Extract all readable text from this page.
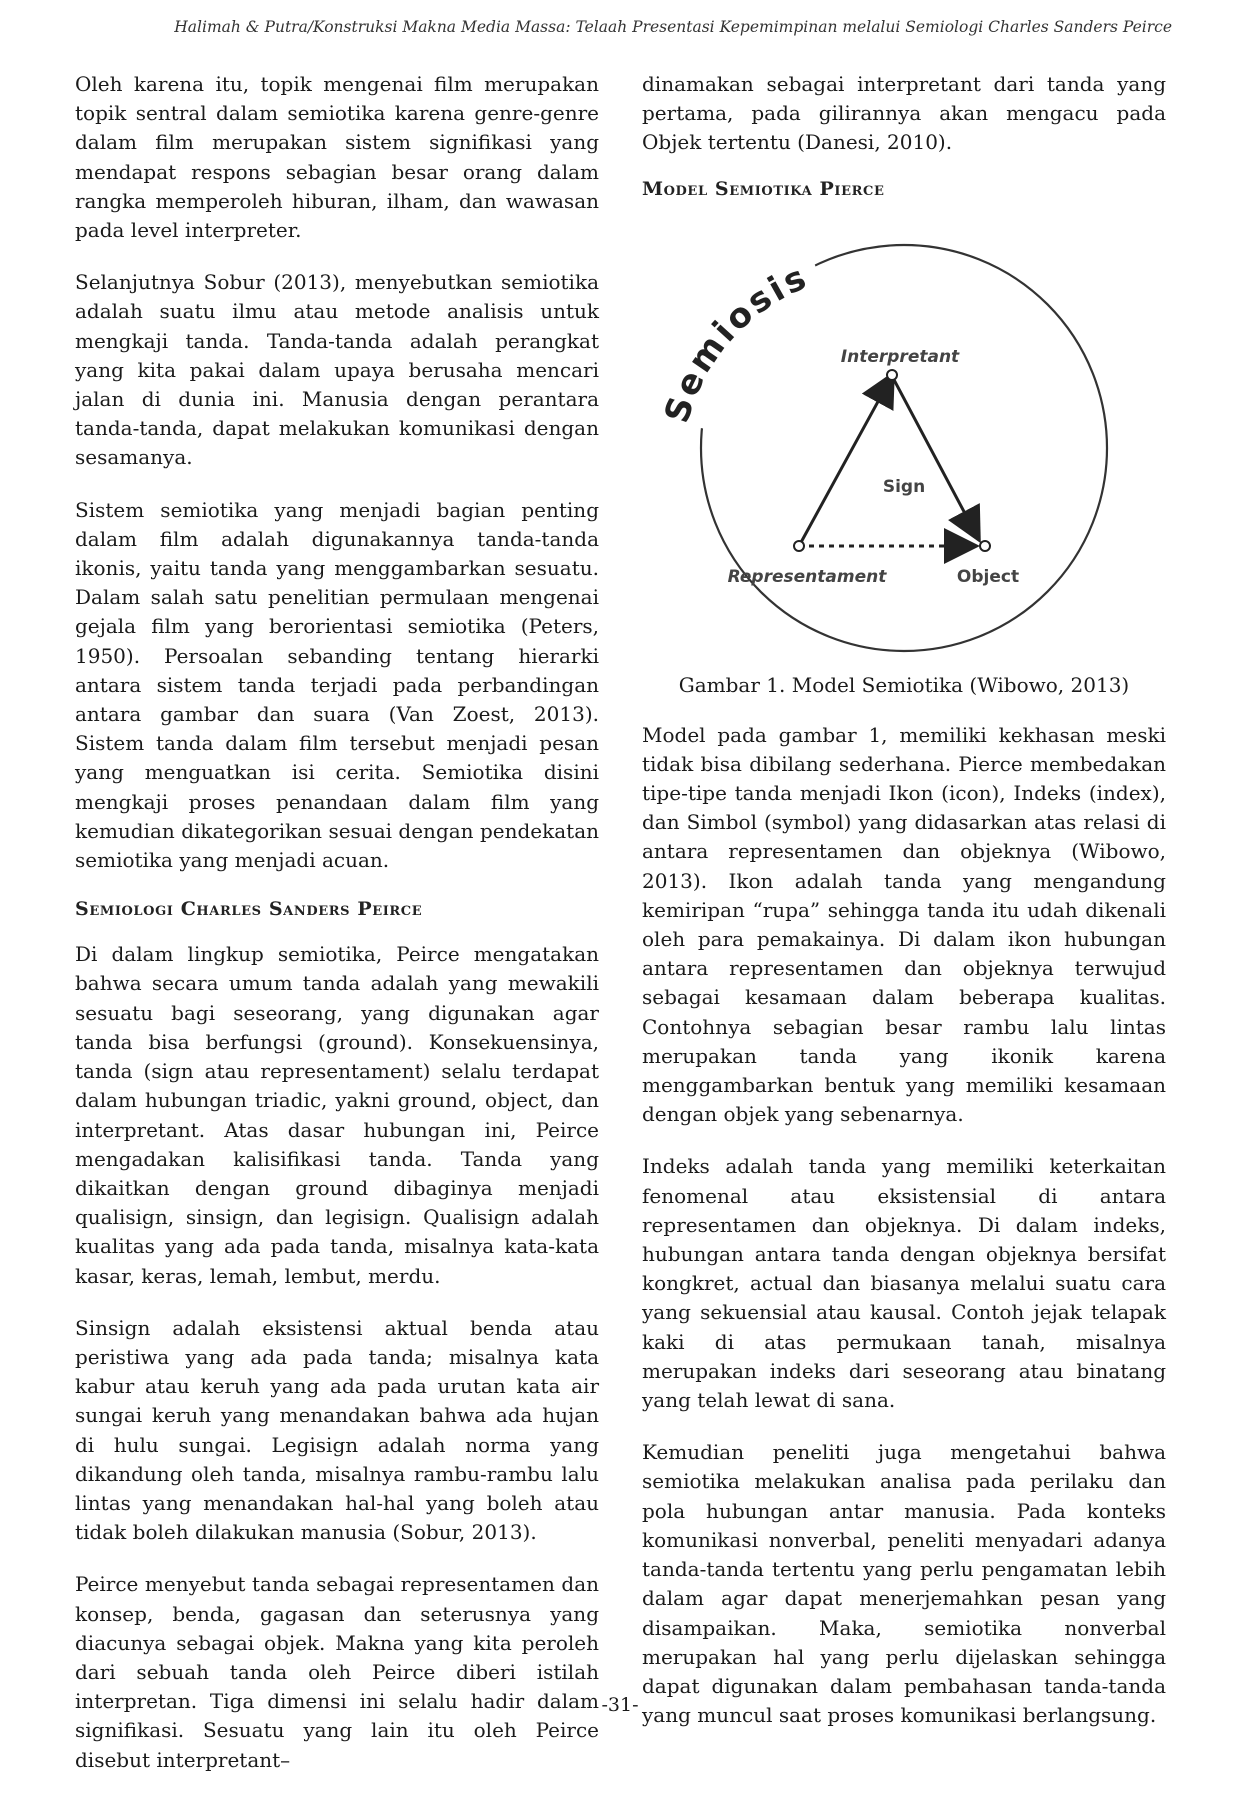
Halimah & Putra/Konstruksi Makna Media Massa: Telaah Presentasi Kepemimpinan melalui Semiologi Charles Sanders Peirce

Oleh karena itu, topik mengenai film merupakan topik sentral dalam semiotika karena genre-genre dalam film merupakan sistem signifikasi yang mendapat respons sebagian besar orang dalam rangka memperoleh hiburan, ilham, dan wawasan pada level interpreter.

Selanjutnya Sobur (2013), menyebutkan semiotika adalah suatu ilmu atau metode analisis untuk mengkaji tanda. Tanda-tanda adalah perangkat yang kita pakai dalam upaya berusaha mencari jalan di dunia ini. Manusia dengan perantara tanda-tanda, dapat melakukan komunikasi dengan sesamanya.

Sistem semiotika yang menjadi bagian penting dalam film adalah digunakannya tanda-tanda ikonis, yaitu tanda yang menggambarkan sesuatu. Dalam salah satu penelitian permulaan mengenai gejala film yang berorientasi semiotika (Peters, 1950). Persoalan sebanding tentang hierarki antara sistem tanda terjadi pada perbandingan antara gambar dan suara (Van Zoest, 2013). Sistem tanda dalam film tersebut menjadi pesan yang menguatkan isi cerita. Semiotika disini mengkaji proses penandaan dalam film yang kemudian dikategorikan sesuai dengan pendekatan semiotika yang menjadi acuan.

Semiologi Charles Sanders Peirce

Di dalam lingkup semiotika, Peirce mengatakan bahwa secara umum tanda adalah yang mewakili sesuatu bagi seseorang, yang digunakan agar tanda bisa berfungsi (ground). Konsekuensinya, tanda (sign atau representament) selalu terdapat dalam hubungan triadic, yakni ground, object, dan interpretant. Atas dasar hubungan ini, Peirce mengadakan kalisifikasi tanda. Tanda yang dikaitkan dengan ground dibaginya menjadi qualisign, sinsign, dan legisign. Qualisign adalah kualitas yang ada pada tanda, misalnya kata-kata kasar, keras, lemah, lembut, merdu.

Sinsign adalah eksistensi aktual benda atau peristiwa yang ada pada tanda; misalnya kata kabur atau keruh yang ada pada urutan kata air sungai keruh yang menandakan bahwa ada hujan di hulu sungai. Legisign adalah norma yang dikandung oleh tanda, misalnya rambu-rambu lalu lintas yang menandakan hal-hal yang boleh atau tidak boleh dilakukan manusia (Sobur, 2013).

Peirce menyebut tanda sebagai representamen dan konsep, benda, gagasan dan seterusnya yang diacunya sebagai objek. Makna yang kita peroleh dari sebuah tanda oleh Peirce diberi istilah interpretan. Tiga dimensi ini selalu hadir dalam signifikasi. Sesuatu yang lain itu oleh Peirce disebut interpretant–

dinamakan sebagai interpretant dari tanda yang pertama, pada gilirannya akan mengacu pada Objek tertentu (Danesi, 2010).

Model Semiotika Pierce
Semiosis
Interpretant
Sign
Representament	Object
Gambar 1. Model Semiotika (Wibowo, 2013)

Model pada gambar 1, memiliki kekhasan meski tidak bisa dibilang sederhana. Pierce membedakan tipe-tipe tanda menjadi Ikon (icon), Indeks (index), dan Simbol (symbol) yang didasarkan atas relasi di antara representamen dan objeknya (Wibowo, 2013). Ikon adalah tanda yang mengandung kemiripan “rupa” sehingga tanda itu udah dikenali oleh para pemakainya. Di dalam ikon hubungan antara representamen dan objeknya terwujud sebagai kesamaan dalam beberapa kualitas. Contohnya sebagian besar rambu lalu lintas merupakan tanda yang ikonik karena menggambarkan bentuk yang memiliki kesamaan dengan objek yang sebenarnya.

Indeks adalah tanda yang memiliki keterkaitan fenomenal atau eksistensial di antara representamen dan objeknya. Di dalam indeks, hubungan antara tanda dengan objeknya bersifat kongkret, actual dan biasanya melalui suatu cara yang sekuensial atau kausal. Contoh jejak telapak kaki di atas permukaan tanah, misalnya merupakan indeks dari seseorang atau binatang yang telah lewat di sana.

Kemudian peneliti juga mengetahui bahwa semiotika melakukan analisa pada perilaku dan pola hubungan antar manusia. Pada konteks komunikasi nonverbal, peneliti menyadari adanya tanda-tanda tertentu yang perlu pengamatan lebih dalam agar dapat menerjemahkan pesan yang disampaikan. Maka, semiotika nonverbal merupakan hal yang perlu dijelaskan sehingga dapat digunakan dalam pembahasan tanda-tanda yang muncul saat proses komunikasi berlangsung.

-31-
